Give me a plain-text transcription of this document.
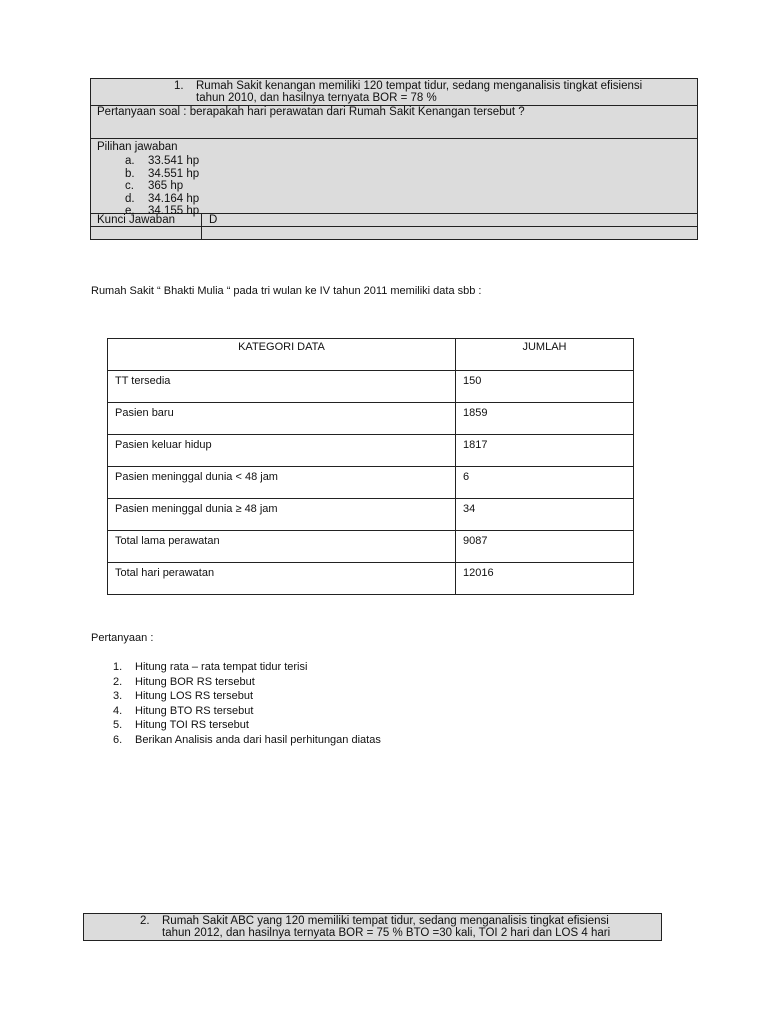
1.	Rumah Sakit kenangan memiliki 120 tempat tidur, sedang menganalisis tingkat efisiensi
tahun 2010, dan hasilnya ternyata BOR = 78 %
Pertanyaan soal : berapakah hari perawatan dari Rumah Sakit Kenangan tersebut ?
Pilihan jawaban
a.	33.541 hp
b.	34.551 hp
c.	365 hp
d.	34.164 hp
e.	34.155 hp
Kunci Jawaban	D
Rumah Sakit “ Bhakti Mulia “ pada tri wulan ke IV tahun 2011 memiliki data sbb :
KATEGORI DATA	JUMLAH
TT tersedia	150
Pasien baru	1859
Pasien keluar hidup	1817
Pasien meninggal dunia < 48 jam	6
Pasien meninggal dunia ≥ 48 jam	34
Total lama perawatan	9087
Total hari perawatan	12016
Pertanyaan :
1.	Hitung rata – rata tempat tidur terisi
2.	Hitung BOR RS tersebut
3.	Hitung LOS RS tersebut
4.	Hitung BTO RS tersebut
5.	Hitung TOI RS tersebut
6.	Berikan Analisis anda dari hasil perhitungan diatas
2.	Rumah Sakit ABC yang 120 memiliki tempat tidur, sedang menganalisis tingkat efisiensi
tahun 2012, dan hasilnya ternyata BOR = 75 % BTO =30 kali, TOI 2 hari dan LOS 4 hari
